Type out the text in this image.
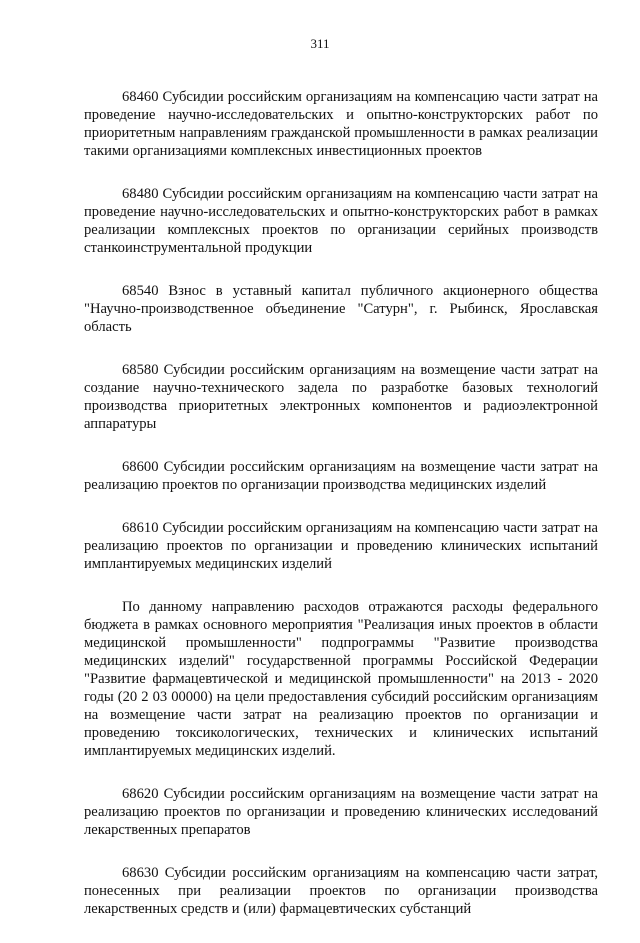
311

68460 Субсидии российским организациям на компенсацию части затрат на проведение научно-исследовательских и опытно-конструкторских работ по приоритетным направлениям гражданской промышленности в рамках реализации такими организациями комплексных инвестиционных проектов

68480 Субсидии российским организациям на компенсацию части затрат на проведение научно-исследовательских и опытно-конструкторских работ в рамках реализации комплексных проектов по организации серийных производств станкоинструментальной продукции

68540 Взнос в уставный капитал публичного акционерного общества "Научно-производственное объединение "Сатурн", г. Рыбинск, Ярославская область

68580 Субсидии российским организациям на возмещение части затрат на создание научно-технического задела по разработке базовых технологий производства приоритетных электронных компонентов и радиоэлектронной аппаратуры

68600 Субсидии российским организациям на возмещение части затрат на реализацию проектов по организации производства медицинских изделий

68610 Субсидии российским организациям на компенсацию части затрат на реализацию проектов по организации и проведению клинических испытаний имплантируемых медицинских изделий

По данному направлению расходов отражаются расходы федерального бюджета в рамках основного мероприятия "Реализация иных проектов в области медицинской промышленности" подпрограммы "Развитие производства медицинских изделий" государственной программы Российской Федерации "Развитие фармацевтической и медицинской промышленности" на 2013 - 2020 годы (20 2 03 00000) на цели предоставления субсидий российским организациям на возмещение части затрат на реализацию проектов по организации и проведению токсикологических, технических и клинических испытаний имплантируемых медицинских изделий.

68620 Субсидии российским организациям на возмещение части затрат на реализацию проектов по организации и проведению клинических исследований лекарственных препаратов

68630 Субсидии российским организациям на компенсацию части затрат, понесенных при реализации проектов по организации производства лекарственных средств и (или) фармацевтических субстанций
